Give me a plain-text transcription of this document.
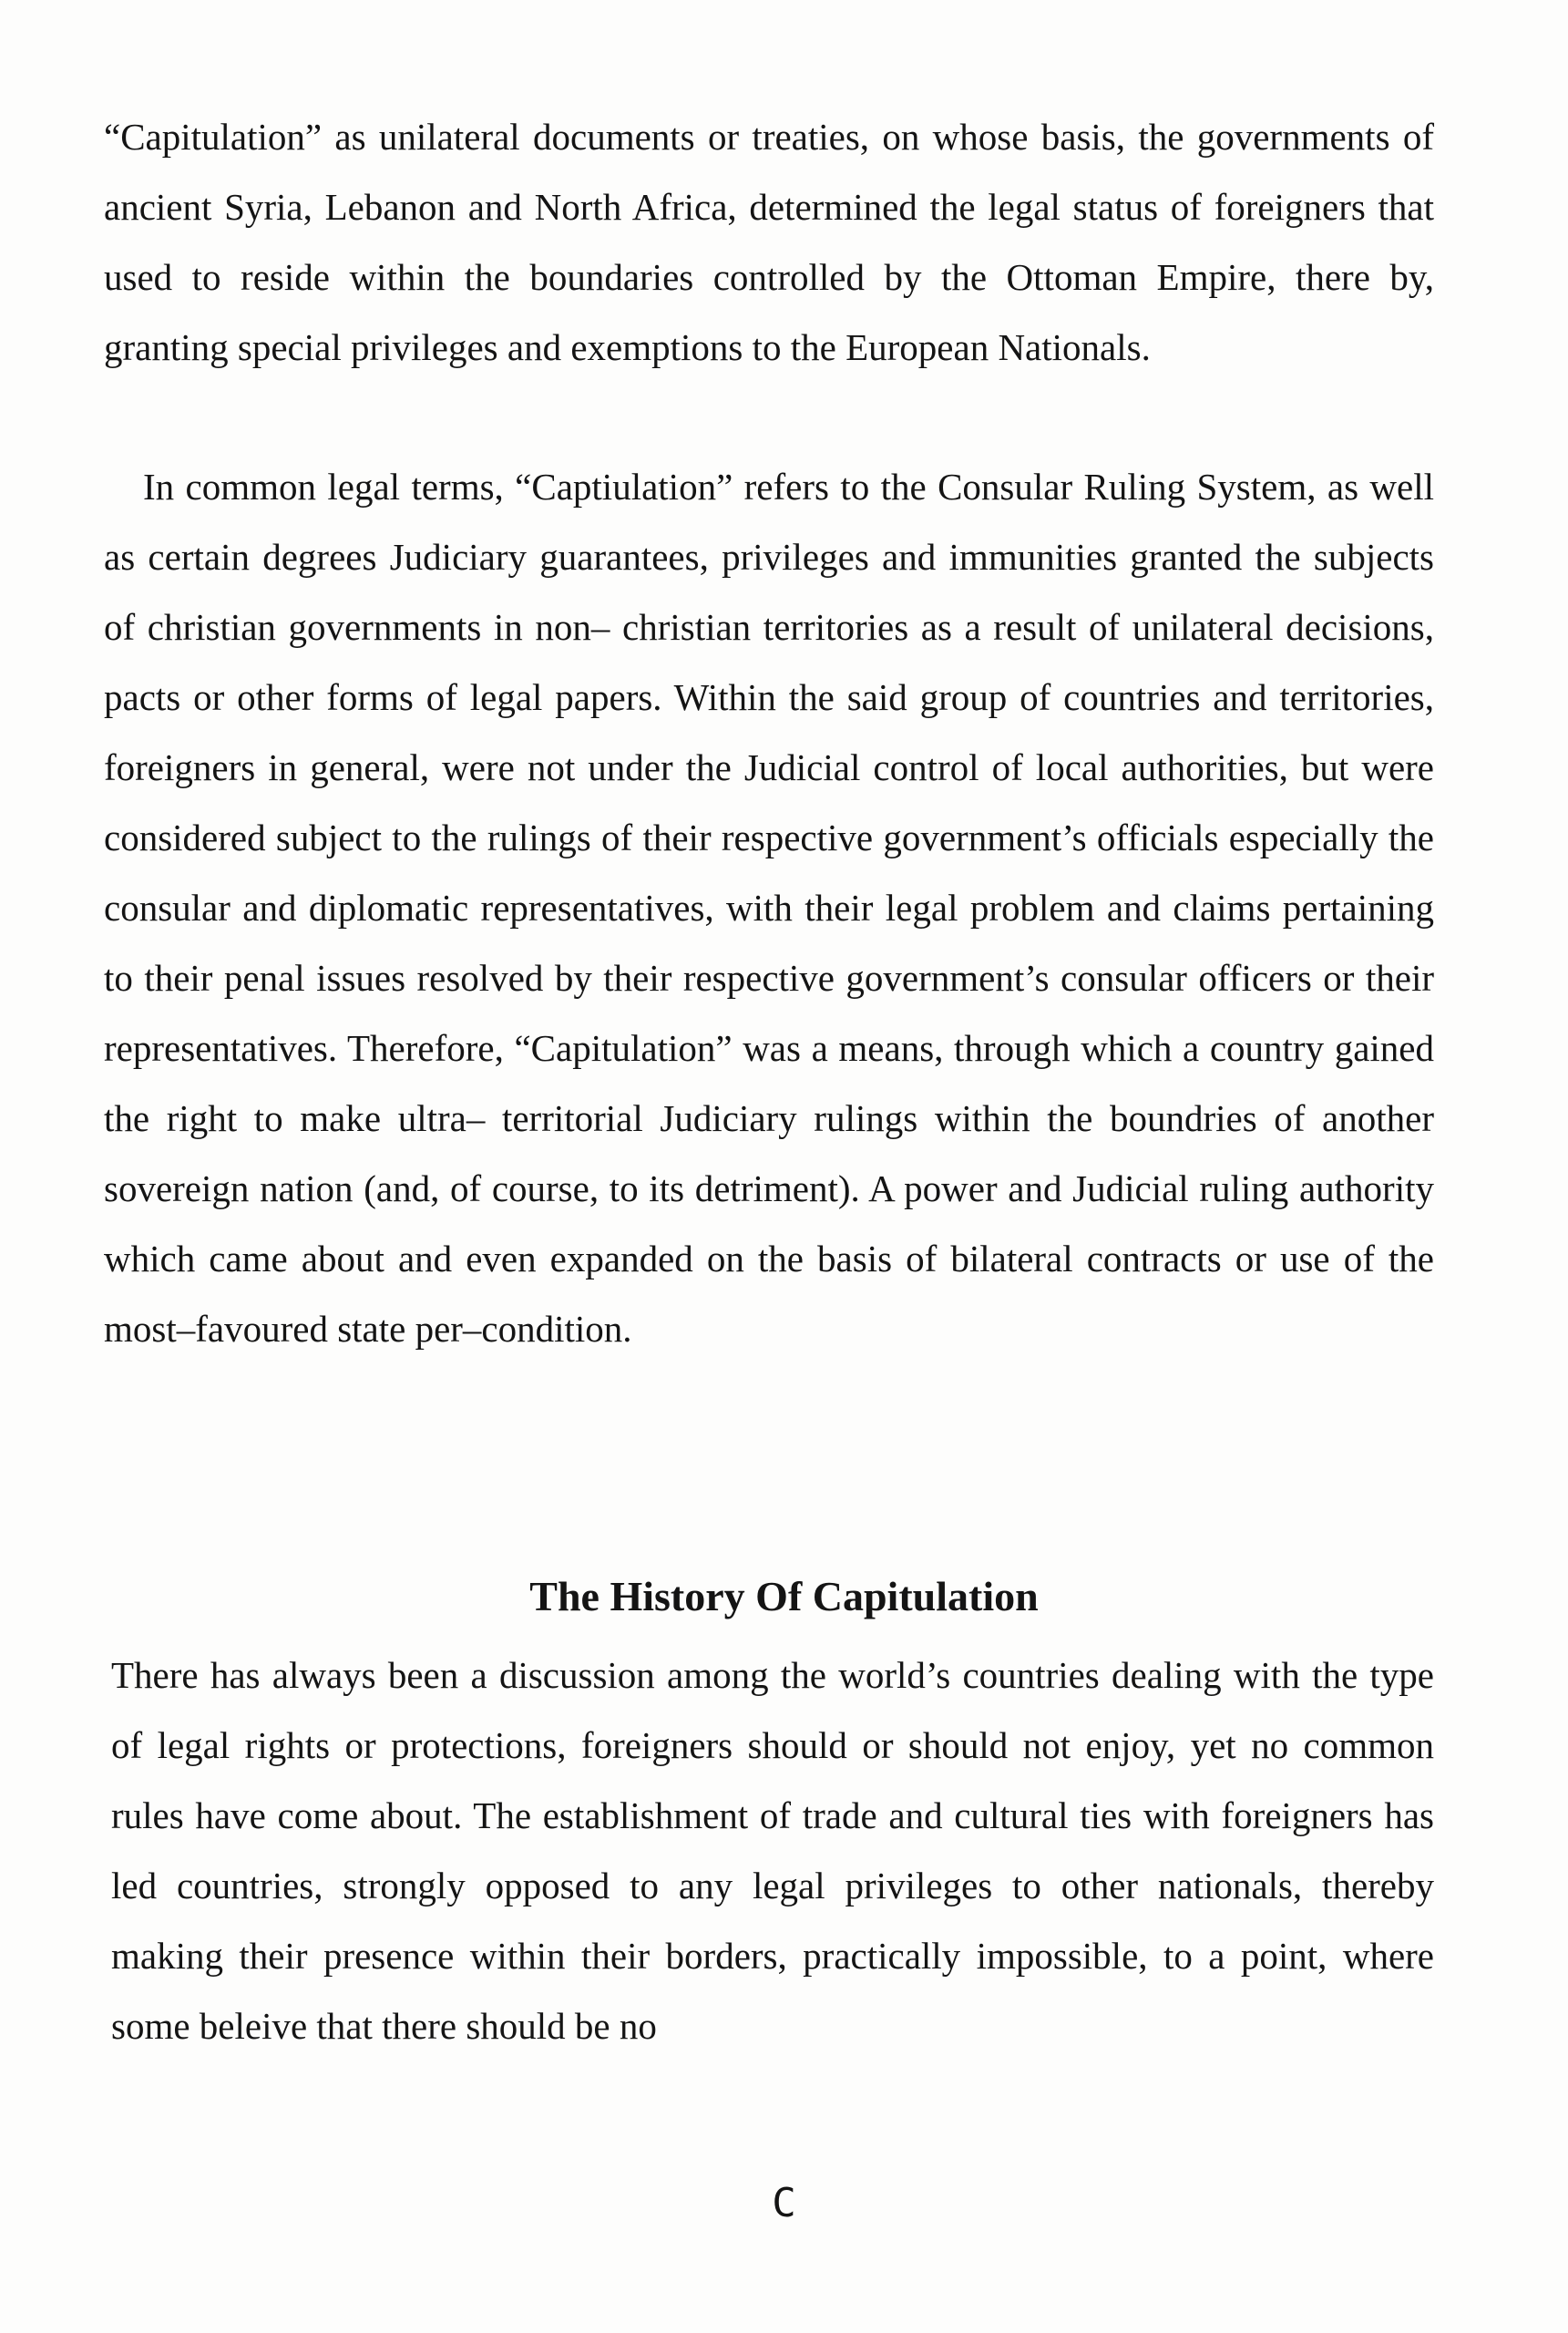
“Capitulation” as unilateral documents or treaties, on whose basis, the governments of ancient Syria, Lebanon and North Africa, determined the legal status of foreigners that used to reside within the boundaries controlled by the Ottoman Empire, there by, granting special privileges and exemptions to the European Nationals.

In common legal terms, “Captiulation” refers to the Consular Ruling System, as well as certain degrees Judiciary guarantees, privileges and immunities granted the subjects of christian governments in non– christian territories as a result of unilateral decisions, pacts or other forms of legal papers. Within the said group of countries and territories, foreigners in general, were not under the Judicial control of local authorities, but were considered subject to the rulings of their respective government’s officials especially the consular and diplomatic representatives, with their legal problem and claims pertaining to their penal issues resolved by their respective government’s consular officers or their representatives. Therefore, “Capitulation” was a means, through which a country gained the right to make ultra– territorial Judiciary rulings within the boundries of another sovereign nation (and, of course, to its detriment). A power and Judicial ruling authority which came about and even expanded on the basis of bilateral contracts or use of the most–favoured state per–condition.

The History Of Capitulation

There has always been a discussion among the world’s countries dealing with the type of legal rights or protections, foreigners should or should not enjoy, yet no common rules have come about. The establishment of trade and cultural ties with foreigners has led countries, strongly opposed to any legal privileges to other nationals, thereby making their presence within their borders, practically impossible, to a point, where some beleive that there should be no

C
